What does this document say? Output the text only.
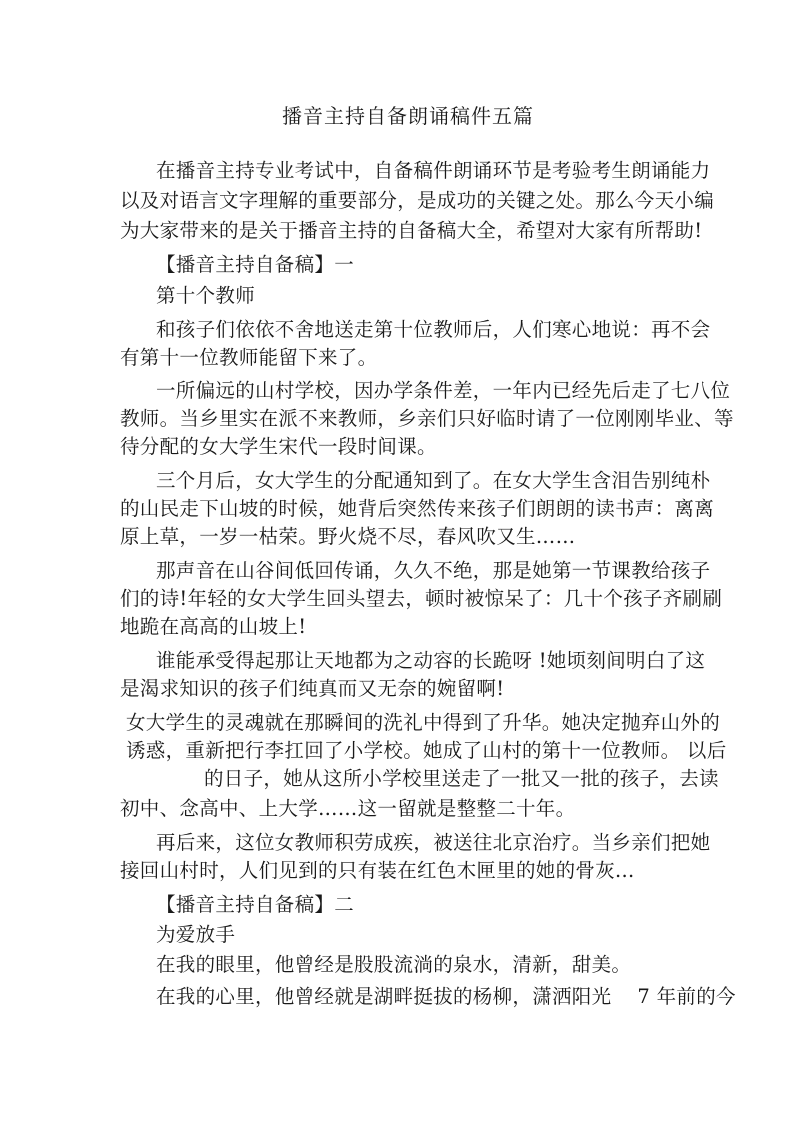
播音主持自备朗诵稿件五篇
在播音主持专业考试中，自备稿件朗诵环节是考验考生朗诵能力
以及对语言文字理解的重要部分，是成功的关键之处。那么今天小编
为大家带来的是关于播音主持的自备稿大全，希望对大家有所帮助!
【播音主持自备稿】一
第十个教师
和孩子们依依不舍地送走第十位教师后，人们寒心地说：再不会
有第十一位教师能留下来了。
一所偏远的山村学校，因办学条件差，一年内已经先后走了七八位
教师。当乡里实在派不来教师，乡亲们只好临时请了一位刚刚毕业、等
待分配的女大学生宋代一段时间课。
三个月后，女大学生的分配通知到了。在女大学生含泪告别纯朴
的山民走下山坡的时候，她背后突然传来孩子们朗朗的读书声：离离
原上草，一岁一枯荣。野火烧不尽，春风吹又生……
那声音在山谷间低回传诵，久久不绝，那是她第一节课教给孩子
们的诗!年轻的女大学生回头望去，顿时被惊呆了：几十个孩子齐刷刷
地跪在高高的山坡上!
谁能承受得起那让天地都为之动容的长跪呀 !她顷刻间明白了这
是渴求知识的孩子们纯真而又无奈的婉留啊!
女大学生的灵魂就在那瞬间的洗礼中得到了升华。她决定抛弃山外的
诱惑，重新把行李扛回了小学校。她成了山村的第十一位教师。 以后
的日子，她从这所小学校里送走了一批又一批的孩子，去读
初中、念高中、上大学……这一留就是整整二十年。
再后来，这位女教师积劳成疾，被送往北京治疗。当乡亲们把她
接回山村时，人们见到的只有装在红色木匣里的她的骨灰...
【播音主持自备稿】二
为爱放手
在我的眼里，他曾经是股股流淌的泉水，清新，甜美。
在我的心里，他曾经就是湖畔挺拔的杨柳，潇洒阳光    7 年前的今
